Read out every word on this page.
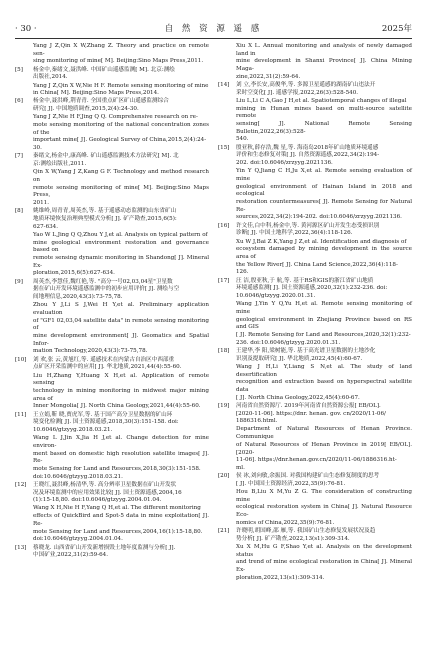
· 30 ·	自 然 资 源 遥 感	2025年
Yang J Z,Qin X W,Zhang Z. Theory and practice on remote sen-
sing monitoring of mine[ M]. Beijing:Sino Maps Press,2011.
[5]	杨金中,秦绪文,聂洪峰. 中国矿山遥感监测[ M]. 北京:测绘
出版社,2014.
Yang J Z,Qin X W,Nie H F. Remote sensing monitoring of mine
in China[ M]. Beijing:Sino Maps Press,2014.
[6]	杨金中,聂洪峰,荆青青. 全国重点矿区矿山遥感监测综合
研究[ J]. 中国地质调查,2015,2(4):24-30.
Yang J Z,Nie H F,Jing Q Q. Comprehensive research on re-
mote sensing monitoring of the national concentration zones of the
important mine[ J]. Geological Survey of China,2015,2(4):24-
30.
[7]	秦绪文,杨金中,康高峰. 矿山遥感监测技术方法研究[ M]. 北
京:测绘出版社,2011.
Qin X W,Yang J Z,Kang G F. Technology and method research on
remote sensing monitoring of mine[ M]. Beijing:Sino Maps Press,
2011.
[8]	姚维岭,周青青,周英杰,等. 基于遥感动态监测的山东省矿山
地质环境恢复治理典型模式分析[ J]. 矿产勘查,2015,6(5):
627-634.
Yao W L,Jing Q Q,Zhou Y J,et al. Analysis on typical pattern of
mine geological environment restoration and governance based on
remote sensing dynamic monitoring in Shandong[ J]. Mineral Ex-
ploration,2015,6(5):627-634.
[9]	周英杰,李慧佳,魏红艳,等. "高分一号02,03,04星"卫星数
据在矿山开发环境遥感监测中的初步应用评价[ J]. 测绘与空
间地理信息,2020,43(3):73-75,78.
Zhou Y J,Li S J,Wei H Y,et al. Preliminary application evaluation
of "GF1 02,03,04 satellite data" in remote sensing monitoring of
mine development environment[ J]. Geomatics and Spatial Infor-
mation Technology,2020,43(3):73-75,78.
[10]	刘 欢,张 云,黄旭红,等. 遥感技术在内蒙古自治区中西部重
点矿区开采监测中的应用[ J]. 华北地质,2021,44(4):55-60.
Liu H,Zhang Y,Huang X H,et al. Application of remote sensing
technology in mining monitoring in midwest major mining area of
Inner Mongolia[ J]. North China Geology,2021,44(4):55-60.
[11]	王立娟,靳 晓,贾虎军,等. 基于国产高分卫星数据的矿山环
境变化检测[ J]. 国土资源遥感,2018,30(3):151-158. doi:
10.6046/gtzyyg.2018.03.21.
Wang L J,Jin X,Jia H J,et al. Change detection for mine environ-
ment based on domestic high resolution satellite images[ J]. Re-
mote Sensing for Land and Resources,2018,30(3):151-158.
doi:10.6046/gtzyyg.2018.03.21.
[12]	王晓红,聂洪峰,杨清华,等. 高分辨率卫星数据在矿山开发状
况及环境监测中的应用效果比较[ J]. 国土资源遥感,2004,16
(1):15-18,80. doi:10.6046/gtzyyg.2004.01.04.
Wang X H,Nie H F,Yang Q H,et al. The different monitoring
effects of QuickBird and Spot-5 data in mine exploitation[ J]. Re-
mote Sensing for Land and Resources,2004,16(1):15-18,80.
doi:10.6046/gtzyyg.2004.01.04.
[13]	蔡晓龙. 山西省矿山开发新增损毁土地年度监测与分析[ J].
中国矿业,2022,31(2):59-64.
Xiu X L. Annual monitoring and analysis of newly damaged land in
mine development in Shanxi Province[ J]. China Mining Maga-
zine,2022,31(2):59-64.
[14]	刘 立,李长安,高俊华,等. 多源卫星遥感的湖南矿山违法开
采时空变化[ J]. 遥感学报,2022,26(3):528-540.
Liu L,Li C A,Gao J H,et al. Spatiotemporal changes of illegal
mining in Hunan mines based on multi-source satellite remote
sensing[ J]. National Remote Sensing Bulletin,2022,26(3):528-
540.
[15]	殷亚秋,薛存浩,魏 星,等. 海南岛2018年矿山地质环境遥感
评价和生态修复对策[ J]. 自然资源遥感,2022,34(2):194-
202. doi:10.6046/zrzyyg.2021136.
Yin Y Q,Jiang C H,Ju X,et al. Remote sensing evaluation of mine
geological environment of Hainan Island in 2018 and ecological
restoration countermeasures[ J]. Remote Sensing for Natural Re-
sources,2022,34(2):194-202. doi:10.6046/zrzyyg.2021136.
[16]	许文佳,白中科,杨金中,等. 黄河源区矿山开发生态受损识别
诊断[ J]. 中国土地科学,2022,36(4):118-126.
Xu W J,Bai Z K,Yang J Z,et al. Identification and diagnosis of
ecosystem damaged by mining development in the source area of
the Yellow River[ J]. China Land Science,2022,36(4):118-
126.
[17]	汪 洁,殷亚秋,于 航,等. 基于RS和GIS的浙江省矿山地质
环境遥感监测[ J]. 国土资源遥感,2020,32(1):232-236. doi:
10.6046/gtzyyg.2020.01.31.
Wang J,Yin Y Q,Yu H,et al. Remote sensing monitoring of mine
geological environment in Zhejiang Province based on RS and GIS
[ J]. Remote Sensing for Land and Resources,2020,32(1):232-
236. doi:10.6046/gtzyyg.2020.01.31.
[18]	王建华,李 阳,梁树能,等. 基于高光谱卫星数据的土地沙化
识别及提取研究[ J]. 华北地质,2022,45(4):60-67.
Wang J H,Li Y,Liang S N,et al. The study of land desertification
recognition and extraction based on hyperspectral satellite data
[ J]. North China Geology,2022,45(4):60-67.
[19]	河南省自然资源厅. 2019年河南省自然资源公报[ EB/OL].
[2020-11-06]. https://dnr. henan. gov. cn/2020/11-06/
1886316.html.
Department of Natural Resources of Henan Province. Communique
of Natural Resources of Henan Province in 2019[ EB/OL]. [2020-
11-06]. https://dnr.henan.gov.cn/2020/11-06/1886316.ht-
ml.
[20]	侯 冰,刘向敏,余振国. 对我国构建矿山生态修复制度的思考
[ J]. 中国国土资源经济,2022,35(9):76-81.
Hou B,Liu X M,Yu Z G. The consideration of constructing mine
ecological restoration system in China[ J]. Natural Resource Eco-
nomics of China,2022,35(9):76-81.
[21]	许晓明,胡国峰,邵 雁,等. 我国矿山生态修复发展状况及趋
势分析[ J]. 矿产勘查,2022,13(s1):309-314.
Xu X M,Hu G F,Shao Y,et al. Analysis on the development status
and trend of mine ecological restoration in China[ J]. Mineral Ex-
ploration,2022,13(s1):309-314.
